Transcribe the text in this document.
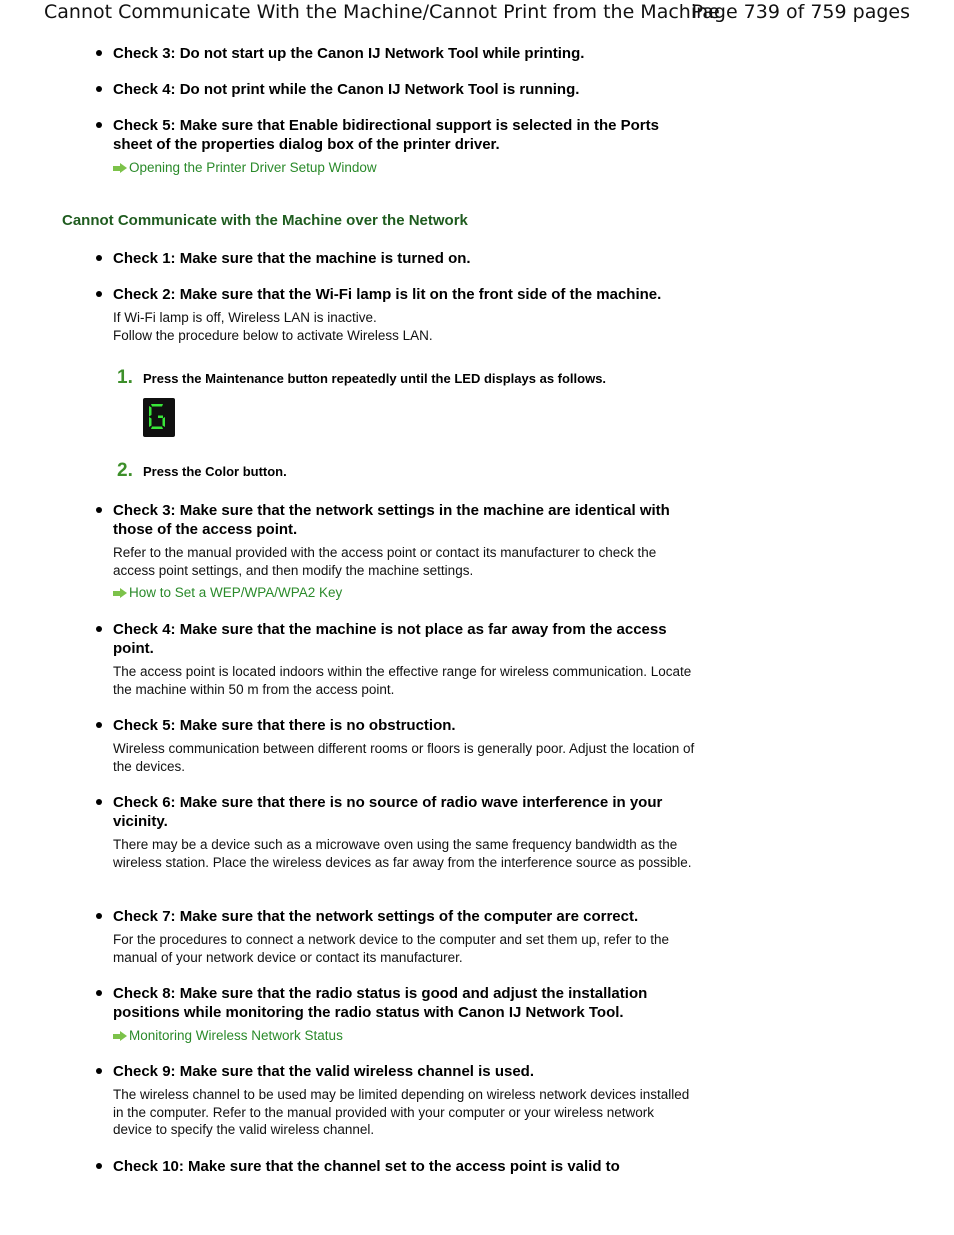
Cannot Communicate With the Machine/Cannot Print from the Machine
Page 739 of 759 pages
Check 3: Do not start up the Canon IJ Network Tool while printing.
Check 4: Do not print while the Canon IJ Network Tool is running.
Check 5: Make sure that Enable bidirectional support is selected in the Ports sheet of the properties dialog box of the printer driver.
Opening the Printer Driver Setup Window
Cannot Communicate with the Machine over the Network
Check 1: Make sure that the machine is turned on.
Check 2: Make sure that the Wi-Fi lamp is lit on the front side of the machine.
If Wi-Fi lamp is off, Wireless LAN is inactive.
Follow the procedure below to activate Wireless LAN.
1. Press the Maintenance button repeatedly until the LED displays as follows.
2. Press the Color button.
Check 3: Make sure that the network settings in the machine are identical with those of the access point.
Refer to the manual provided with the access point or contact its manufacturer to check the access point settings, and then modify the machine settings.
How to Set a WEP/WPA/WPA2 Key
Check 4: Make sure that the machine is not place as far away from the access point.
The access point is located indoors within the effective range for wireless communication. Locate the machine within 50 m from the access point.
Check 5: Make sure that there is no obstruction.
Wireless communication between different rooms or floors is generally poor. Adjust the location of the devices.
Check 6: Make sure that there is no source of radio wave interference in your vicinity.
There may be a device such as a microwave oven using the same frequency bandwidth as the wireless station. Place the wireless devices as far away from the interference source as possible.
Check 7: Make sure that the network settings of the computer are correct.
For the procedures to connect a network device to the computer and set them up, refer to the manual of your network device or contact its manufacturer.
Check 8: Make sure that the radio status is good and adjust the installation positions while monitoring the radio status with Canon IJ Network Tool.
Monitoring Wireless Network Status
Check 9: Make sure that the valid wireless channel is used.
The wireless channel to be used may be limited depending on wireless network devices installed in the computer. Refer to the manual provided with your computer or your wireless network device to specify the valid wireless channel.
Check 10: Make sure that the channel set to the access point is valid to
